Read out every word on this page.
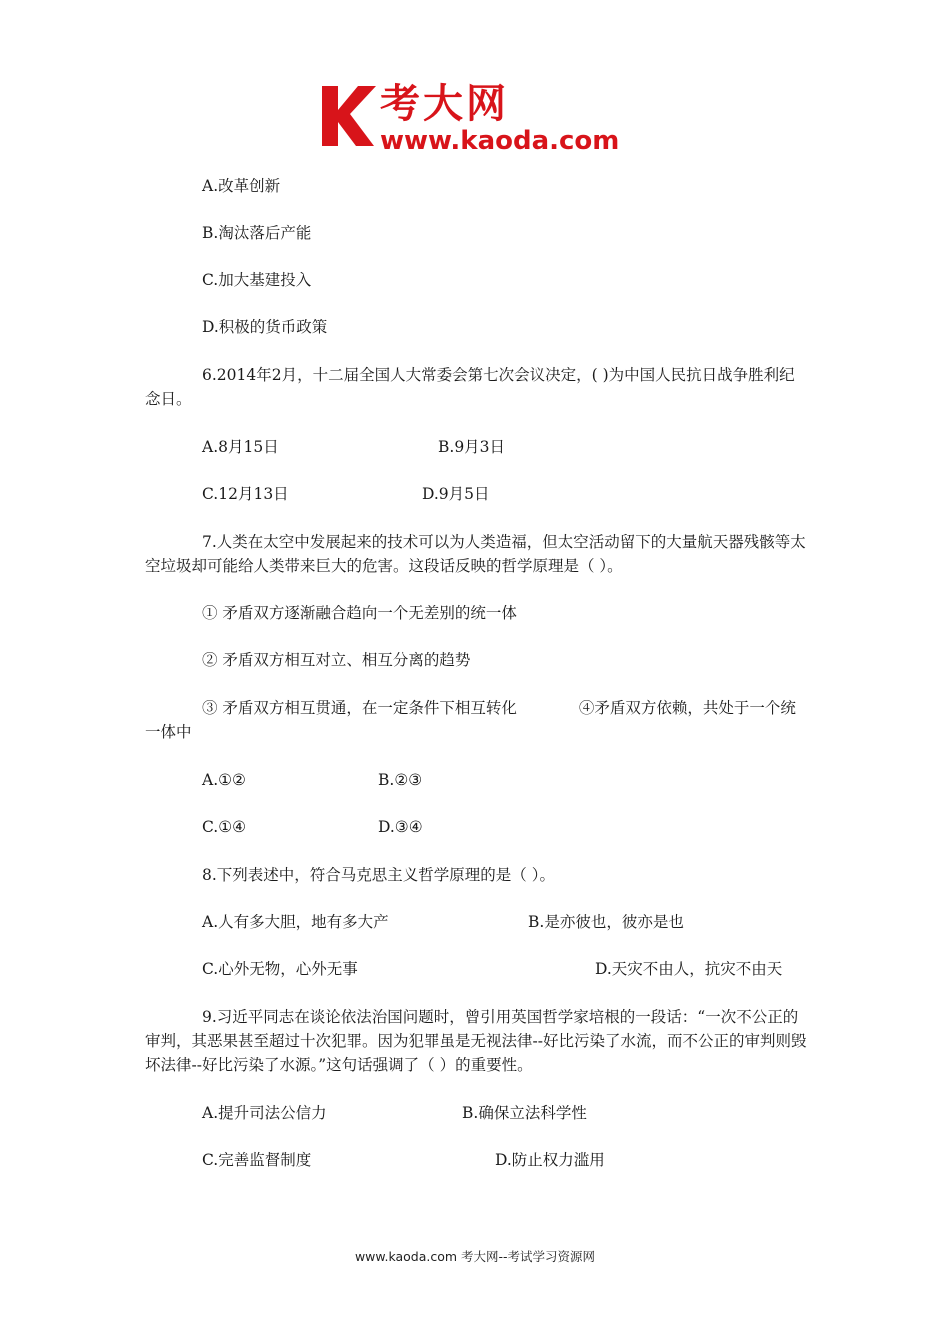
考大网
www.kaoda.com
A.改革创新
B.淘汰落后产能
C.加大基建投入
D.积极的货币政策
6.2014年2月，十二届全国人大常委会第七次会议决定，( )为中国人民抗日战争胜利纪念日。
A.8月15日	B.9月3日
C.12月13日	D.9月5日
7.人类在太空中发展起来的技术可以为人类造福，但太空活动留下的大量航天器残骸等太空垃圾却可能给人类带来巨大的危害。这段话反映的哲学原理是（ ）。
① 矛盾双方逐渐融合趋向一个无差别的统一体
② 矛盾双方相互对立、相互分离的趋势
③ 矛盾双方相互贯通，在一定条件下相互转化　　　　④矛盾双方依赖，共处于一个统一体中
A.①②	B.②③
C.①④	D.③④
8.下列表述中，符合马克思主义哲学原理的是（ ）。
A.人有多大胆，地有多大产	B.是亦彼也，彼亦是也
C.心外无物，心外无事	D.天灾不由人，抗灾不由天
9.习近平同志在谈论依法治国问题时，曾引用英国哲学家培根的一段话：“一次不公正的审判，其恶果甚至超过十次犯罪。因为犯罪虽是无视法律--好比污染了水流，而不公正的审判则毁坏法律--好比污染了水源。”这句话强调了（ ）的重要性。
A.提升司法公信力	B.确保立法科学性
C.完善监督制度	D.防止权力滥用
www.kaoda.com 考大网--考试学习资源网
